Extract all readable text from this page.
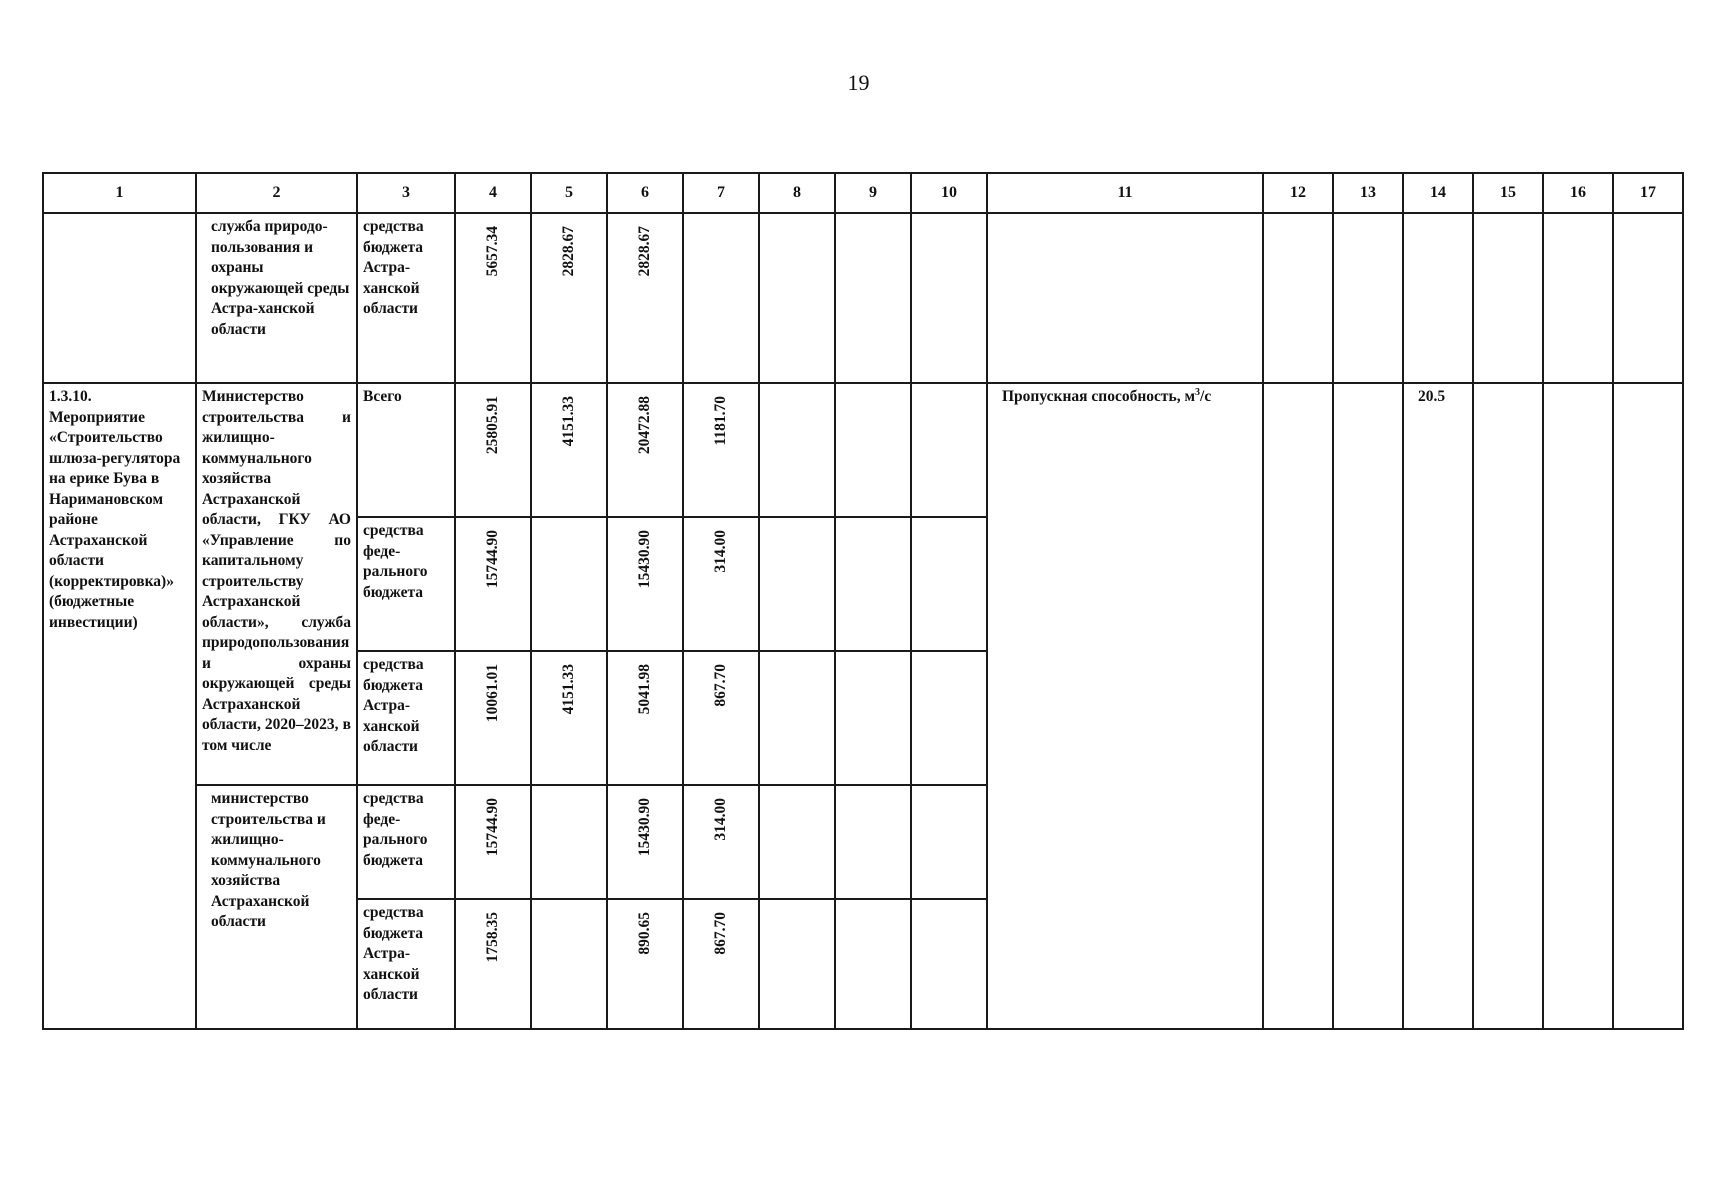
19
1	2	3	4	5	6	7	8	9	10	11	12	13	14	15	16	17
	служба природо-пользования и охраны окружающей среды Астра-ханской области	средства бюджета Астра-ханской области	5657.34	2828.67	2828.67											

1.3.10. Мероприятие «Строительство шлюза-регулятора на ерике Бува в Наримановском районе Астраханской области (корректировка)» (бюджетные инвестиции)	Министерство строительства и жилищно-коммунального хозяйства Астраханской области, ГКУ АО «Управление по капитальному строительству Астраханской области», служба природопользования и охраны окружающей среды Астраханской области, 2020–2023, в том числе	Всего	25805.91	4151.33	20472.88	1181.70				Пропускная способность, $м^3/с$			20.5			
		средства феде-рального бюджета	15744.90		15430.90	314.00										

		средства бюджета Астра-ханской области	10061.01	4151.33	5041.98	867.70										

	министерство строительства и жилищно-коммунального хозяйства Астраханской области	средства феде-рального бюджета	15744.90		15430.90	314.00										

		средства бюджета Астра-ханской области	1758.35		890.65	867.70										
